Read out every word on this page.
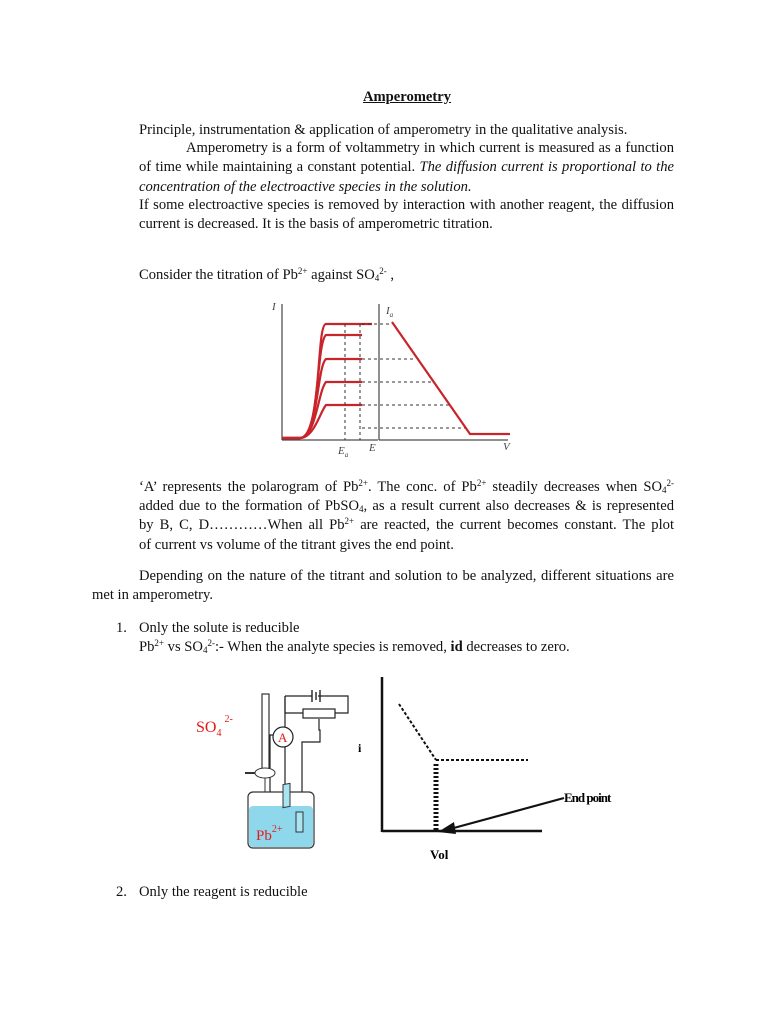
Amperometry
Principle, instrumentation & application of amperometry in the qualitative analysis.
Amperometry is a form of voltammetry in which current is measured as a function of time while maintaining a constant potential. The diffusion current is proportional to the concentration of the electroactive species in the solution.
If some electroactive species is removed by interaction with another reagent, the diffusion current is decreased. It is the basis of amperometric titration.
Consider the titration of $Pb^{2+}$ against $SO_4^{2-}$ ,
I
$E_a$
E
$I_a$
V
‘A’ represents the polarogram of $Pb^{2+}$. The conc. of $Pb^{2+}$ steadily decreases when $SO_4^{2-}$
added due to the formation of PbSO$_4$, as a result current also decreases & is represented
by B, C, D…………When all $Pb^{2+}$ are reacted, the current becomes constant. The plot
of current vs volume of the titrant gives the end point.
Depending on the nature of the titrant and solution to be analyzed, different situations are met in amperometry.
1. Only the solute is reducible
$Pb^{2+}$ vs $SO_4^{2-}:-$ When the analyte species is removed, id decreases to zero.
$SO_4^{2-}$
A
$Pb^{2+}$
i
Vol
End point
2. Only the reagent is reducible
